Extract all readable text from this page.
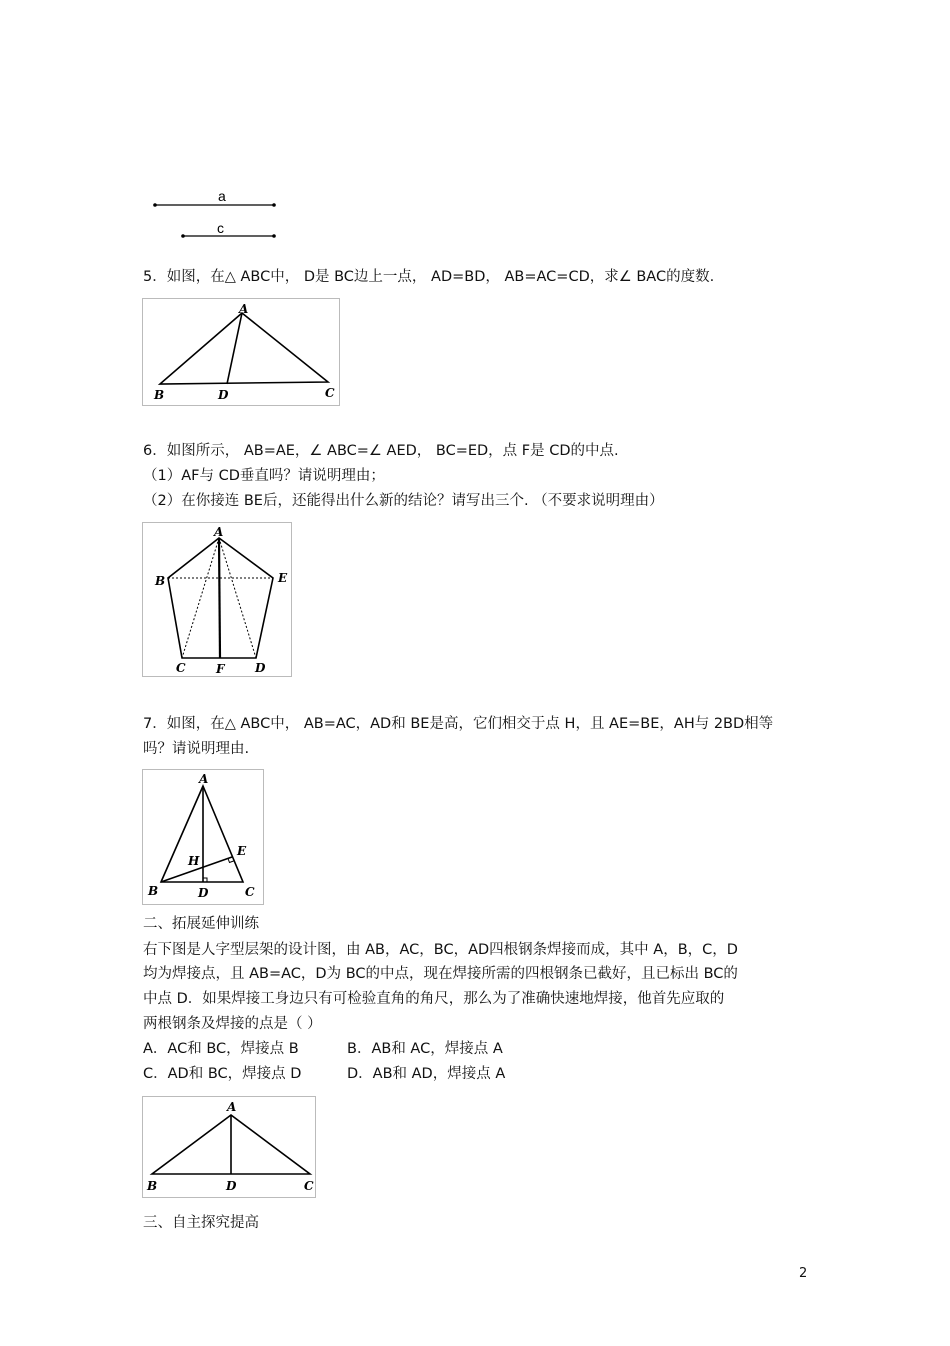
a
c
5．如图，在△ ABC中， D是 BC边上一点， AD=BD， AB=AC=CD，求∠ BAC的度数.
A
B	C
D
6．如图所示， AB=AE，∠ ABC=∠ AED， BC=ED，点 F是 CD的中点.
（1）AF与 CD垂直吗？请说明理由；
（2）在你接连 BE后，还能得出什么新的结论？请写出三个. （不要求说明理由）
A
B	E
C	F	D
7．如图，在△ ABC中， AB=AC，AD和 BE是高，它们相交于点 H，且 AE=BE，AH与 2BD相等
吗？请说明理由.
A
B	C
D
E
H
二、拓展延伸训练
右下图是人字型层架的设计图，由 AB，AC，BC，AD四根钢条焊接而成，其中 A，B，C，D
均为焊接点，且 AB=AC，D为 BC的中点，现在焊接所需的四根钢条已截好，且已标出 BC的
中点 D．如果焊接工身边只有可检验直角的角尺，那么为了准确快速地焊接，他首先应取的
两根钢条及焊接的点是（ ）
A．AC和 BC，焊接点 B	B．AB和 AC，焊接点 A
C．AD和 BC，焊接点 D	D．AB和 AD，焊接点 A
A
B	D	C
三、自主探究提高
2
